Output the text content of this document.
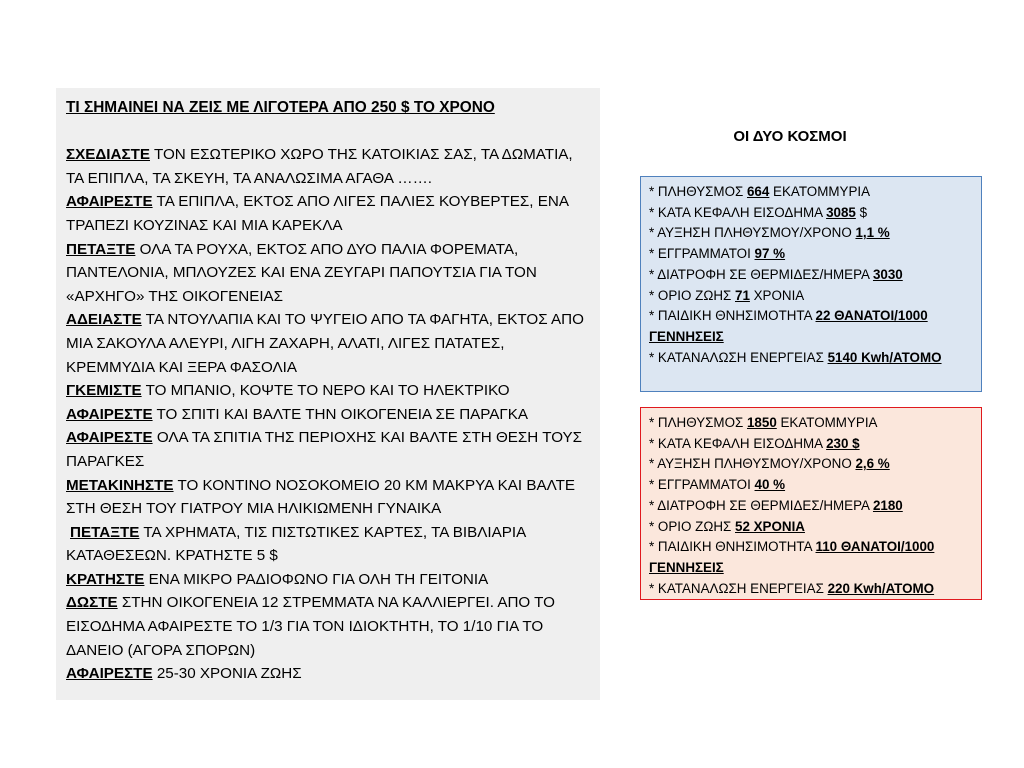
ΤΙ ΣΗΜΑΙΝΕΙ ΝΑ ΖΕΙΣ ΜΕ ΛΙΓΟΤΕΡΑ ΑΠΟ 250 $ ΤΟ ΧΡΟΝΟ

ΣΧΕΔΙΑΣΤΕ ΤΟΝ ΕΣΩΤΕΡΙΚΟ ΧΩΡΟ ΤΗΣ ΚΑΤΟΙΚΙΑΣ ΣΑΣ, ΤΑ ΔΩΜΑΤΙΑ, ΤΑ ΕΠΙΠΛΑ, ΤΑ ΣΚΕΥΗ, ΤΑ ΑΝΑΛΩΣΙΜΑ ΑΓΑΘΑ …….

ΑΦΑΙΡΕΣΤΕ ΤΑ ΕΠΙΠΛΑ, ΕΚΤΟΣ ΑΠΟ ΛΙΓΕΣ ΠΑΛΙΕΣ ΚΟΥΒΕΡΤΕΣ, ΕΝΑ ΤΡΑΠΕΖΙ ΚΟΥΖΙΝΑΣ ΚΑΙ ΜΙΑ ΚΑΡΕΚΛΑ

ΠΕΤΑΞΤΕ ΟΛΑ ΤΑ ΡΟΥΧΑ, ΕΚΤΟΣ ΑΠΟ ΔΥΟ ΠΑΛΙΑ ΦΟΡΕΜΑΤΑ, ΠΑΝΤΕΛΟΝΙΑ, ΜΠΛΟΥΖΕΣ ΚΑΙ ΕΝΑ ΖΕΥΓΑΡΙ ΠΑΠΟΥΤΣΙΑ ΓΙΑ ΤΟΝ «ΑΡΧΗΓΟ» ΤΗΣ ΟΙΚΟΓΕΝΕΙΑΣ

ΑΔΕΙΑΣΤΕ ΤΑ ΝΤΟΥΛΑΠΙΑ ΚΑΙ ΤΟ ΨΥΓΕΙΟ ΑΠΟ ΤΑ ΦΑΓΗΤΑ, ΕΚΤΟΣ ΑΠΟ ΜΙΑ ΣΑΚΟΥΛΑ ΑΛΕΥΡΙ, ΛΙΓΗ ΖΑΧΑΡΗ, ΑΛΑΤΙ, ΛΙΓΕΣ ΠΑΤΑΤΕΣ, ΚΡΕΜΜΥΔΙΑ ΚΑΙ ΞΕΡΑ ΦΑΣΟΛΙΑ

ΓΚΕΜΙΣΤΕ ΤΟ ΜΠΑΝΙΟ, ΚΟΨΤΕ ΤΟ ΝΕΡΟ ΚΑΙ ΤΟ ΗΛΕΚΤΡΙΚΟ

ΑΦΑΙΡΕΣΤΕ ΤΟ ΣΠΙΤΙ ΚΑΙ ΒΑΛΤΕ ΤΗΝ ΟΙΚΟΓΕΝΕΙΑ ΣΕ ΠΑΡΑΓΚΑ

ΑΦΑΙΡΕΣΤΕ ΟΛΑ ΤΑ ΣΠΙΤΙΑ ΤΗΣ ΠΕΡΙΟΧΗΣ ΚΑΙ ΒΑΛΤΕ ΣΤΗ ΘΕΣΗ ΤΟΥΣ ΠΑΡΑΓΚΕΣ

ΜΕΤΑΚΙΝΗΣΤΕ ΤΟ ΚΟΝΤΙΝΟ ΝΟΣΟΚΟΜΕΙΟ 20 ΚΜ ΜΑΚΡΥΑ ΚΑΙ ΒΑΛΤΕ ΣΤΗ ΘΕΣΗ ΤΟΥ ΓΙΑΤΡΟΥ ΜΙΑ ΗΛΙΚΙΩΜΕΝΗ ΓΥΝΑΙΚΑ

ΠΕΤΑΞΤΕ ΤΑ ΧΡΗΜΑΤΑ, ΤΙΣ ΠΙΣΤΩΤΙΚΕΣ ΚΑΡΤΕΣ, ΤΑ ΒΙΒΛΙΑΡΙΑ ΚΑΤΑΘΕΣΕΩΝ. ΚΡΑΤΗΣΤΕ 5 $

ΚΡΑΤΗΣΤΕ ΕΝΑ ΜΙΚΡΟ ΡΑΔΙΟΦΩΝΟ ΓΙΑ ΟΛΗ ΤΗ ΓΕΙΤΟΝΙΑ

ΔΩΣΤΕ ΣΤΗΝ ΟΙΚΟΓΕΝΕΙΑ 12 ΣΤΡΕΜΜΑΤΑ ΝΑ ΚΑΛΛΙΕΡΓΕΙ. ΑΠΟ ΤΟ ΕΙΣΟΔΗΜΑ ΑΦΑΙΡΕΣΤΕ ΤΟ 1/3 ΓΙΑ ΤΟΝ ΙΔΙΟΚΤΗΤΗ, ΤΟ 1/10 ΓΙΑ ΤΟ ΔΑΝΕΙΟ (ΑΓΟΡΑ ΣΠΟΡΩΝ)

ΑΦΑΙΡΕΣΤΕ 25-30 ΧΡΟΝΙΑ ΖΩΗΣ

ΟΙ ΔΥΟ ΚΟΣΜΟΙ

* ΠΛΗΘΥΣΜΟΣ 664 ΕΚΑΤΟΜΜΥΡΙΑ

* ΚΑΤΑ ΚΕΦΑΛΗ ΕΙΣΟΔΗΜΑ 3085 $

* ΑΥΞΗΣΗ ΠΛΗΘΥΣΜΟΥ/ΧΡΟΝΟ 1,1 %

* ΕΓΓΡΑΜΜΑΤΟΙ 97 %

* ΔΙΑΤΡΟΦΗ ΣΕ ΘΕΡΜΙΔΕΣ/ΗΜΕΡΑ 3030

* ΟΡΙΟ ΖΩΗΣ 71 ΧΡΟΝΙΑ

* ΠΑΙΔΙΚΗ ΘΝΗΣΙΜΟΤΗΤΑ 22 ΘΑΝΑΤΟΙ/1000 ΓΕΝΝΗΣΕΙΣ

* ΚΑΤΑΝΑΛΩΣΗ ΕΝΕΡΓΕΙΑΣ 5140 Kwh/ΑΤΟΜΟ

* ΠΛΗΘΥΣΜΟΣ 1850 ΕΚΑΤΟΜΜΥΡΙΑ

* ΚΑΤΑ ΚΕΦΑΛΗ ΕΙΣΟΔΗΜΑ 230 $

* ΑΥΞΗΣΗ ΠΛΗΘΥΣΜΟΥ/ΧΡΟΝΟ 2,6 %

* ΕΓΓΡΑΜΜΑΤΟΙ 40 %

* ΔΙΑΤΡΟΦΗ ΣΕ ΘΕΡΜΙΔΕΣ/ΗΜΕΡΑ 2180

* ΟΡΙΟ ΖΩΗΣ 52 ΧΡΟΝΙΑ

* ΠΑΙΔΙΚΗ ΘΝΗΣΙΜΟΤΗΤΑ 110 ΘΑΝΑΤΟΙ/1000 ΓΕΝΝΗΣΕΙΣ

* ΚΑΤΑΝΑΛΩΣΗ ΕΝΕΡΓΕΙΑΣ 220 Kwh/ΑΤΟΜΟ
